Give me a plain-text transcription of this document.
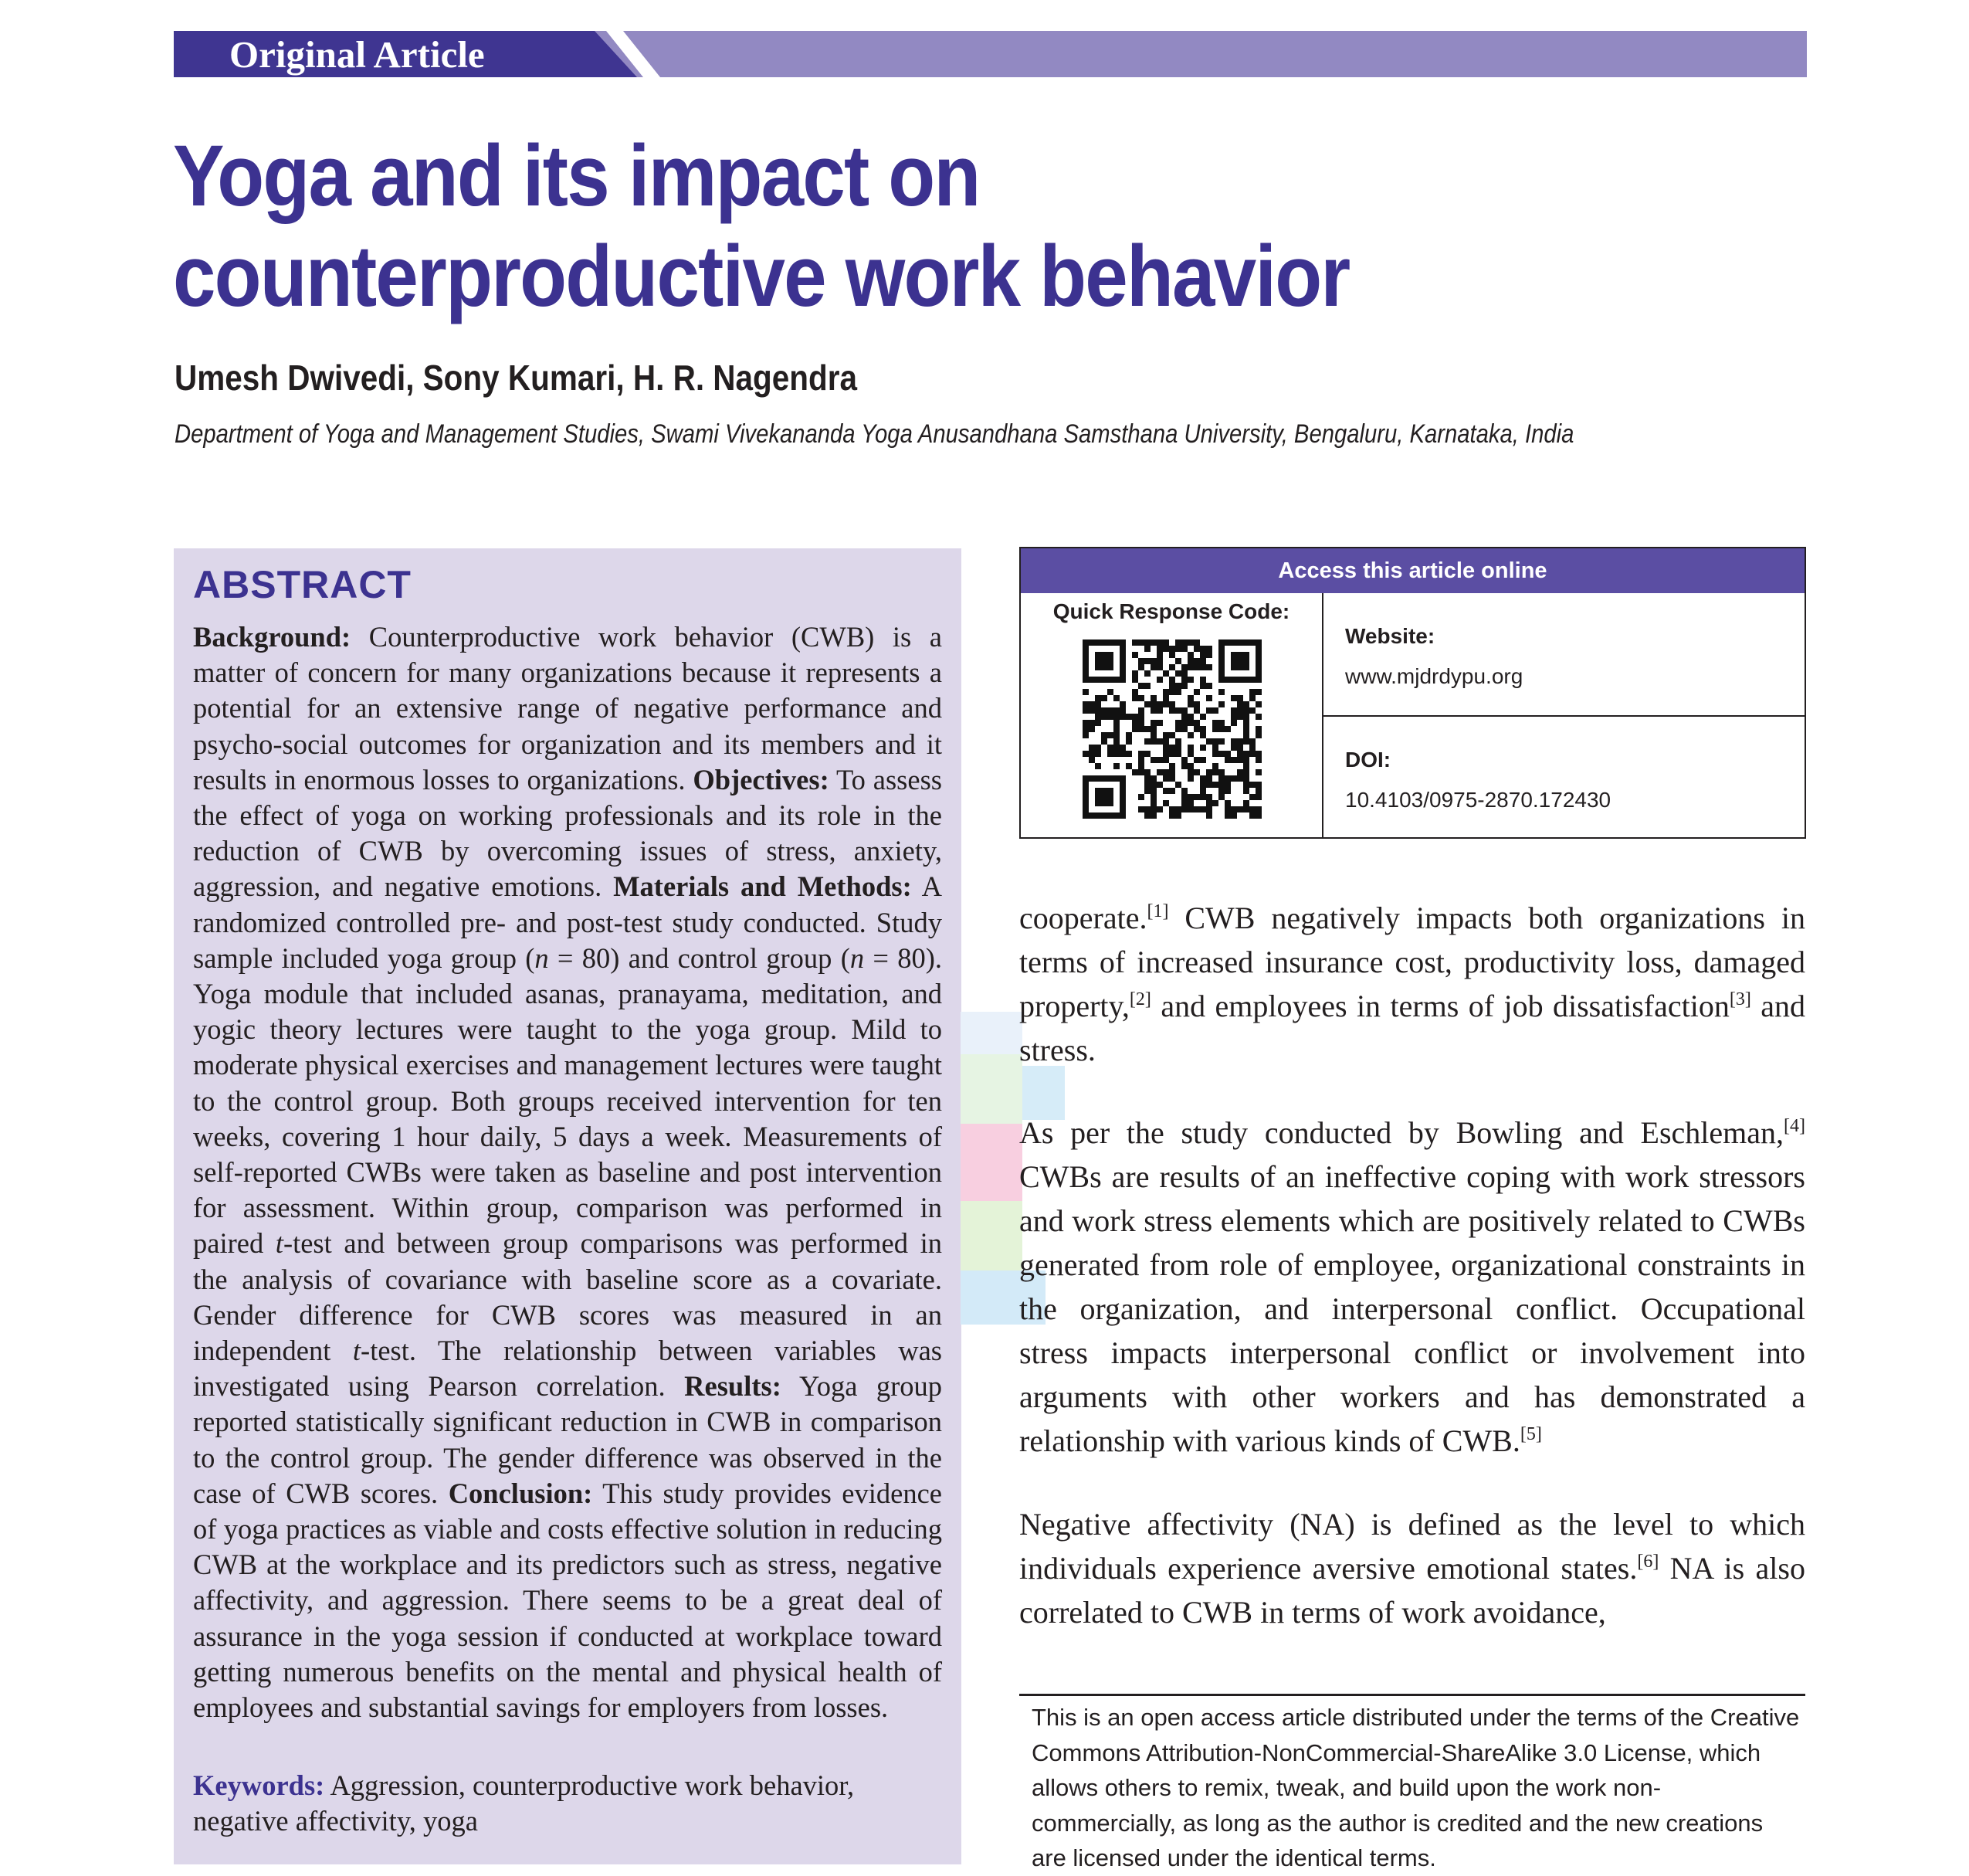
Original Article
Yoga and its impact on counterproductive work behavior
Umesh Dwivedi, Sony Kumari, H. R. Nagendra
Department of Yoga and Management Studies, Swami Vivekananda Yoga Anusandhana Samsthana University, Bengaluru, Karnataka, India
ABSTRACT
Background: Counterproductive work behavior (CWB) is a matter of concern for many organizations because it represents a potential for an extensive range of negative performance and psycho-social outcomes for organization and its members and it results in enormous losses to organizations. Objectives: To assess the effect of yoga on working professionals and its role in the reduction of CWB by overcoming issues of stress, anxiety, aggression, and negative emotions. Materials and Methods: A randomized controlled pre- and post-test study conducted. Study sample included yoga group (n = 80) and control group (n = 80). Yoga module that included asanas, pranayama, meditation, and yogic theory lectures were taught to the yoga group. Mild to moderate physical exercises and management lectures were taught to the control group. Both groups received intervention for ten weeks, covering 1 hour daily, 5 days a week. Measurements of self-reported CWBs were taken as baseline and post intervention for assessment. Within group, comparison was performed in paired t-test and between group comparisons was performed in the analysis of covariance with baseline score as a covariate. Gender difference for CWB scores was measured in an independent t-test. The relationship between variables was investigated using Pearson correlation. Results: Yoga group reported statistically significant reduction in CWB in comparison to the control group. The gender difference was observed in the case of CWB scores. Conclusion: This study provides evidence of yoga practices as viable and costs effective solution in reducing CWB at the workplace and its predictors such as stress, negative affectivity, and aggression. There seems to be a great deal of assurance in the yoga session if conducted at workplace toward getting numerous benefits on the mental and physical health of employees and substantial savings for employers from losses.
Keywords: Aggression, counterproductive work behavior, negative affectivity, yoga
Access this article online
Quick Response Code:
Website:
www.mjdrdypu.org
DOI:
10.4103/0975-2870.172430
cooperate.[1] CWB negatively impacts both organizations in terms of increased insurance cost, productivity loss, damaged property,[2] and employees in terms of job dissatisfaction[3] and stress.
As per the study conducted by Bowling and Eschleman,[4] CWBs are results of an ineffective coping with work stressors and work stress elements which are positively related to CWBs generated from role of employee, organizational constraints in the organization, and interpersonal conflict. Occupational stress impacts interpersonal conflict or involvement into arguments with other workers and has demonstrated a relationship with various kinds of CWB.[5]
Negative affectivity (NA) is defined as the level to which individuals experience aversive emotional states.[6] NA is also correlated to CWB in terms of work avoidance,
This is an open access article distributed under the terms of the Creative Commons Attribution-NonCommercial-ShareAlike 3.0 License, which allows others to remix, tweak, and build upon the work non-commercially, as long as the author is credited and the new creations are licensed under the identical terms.
